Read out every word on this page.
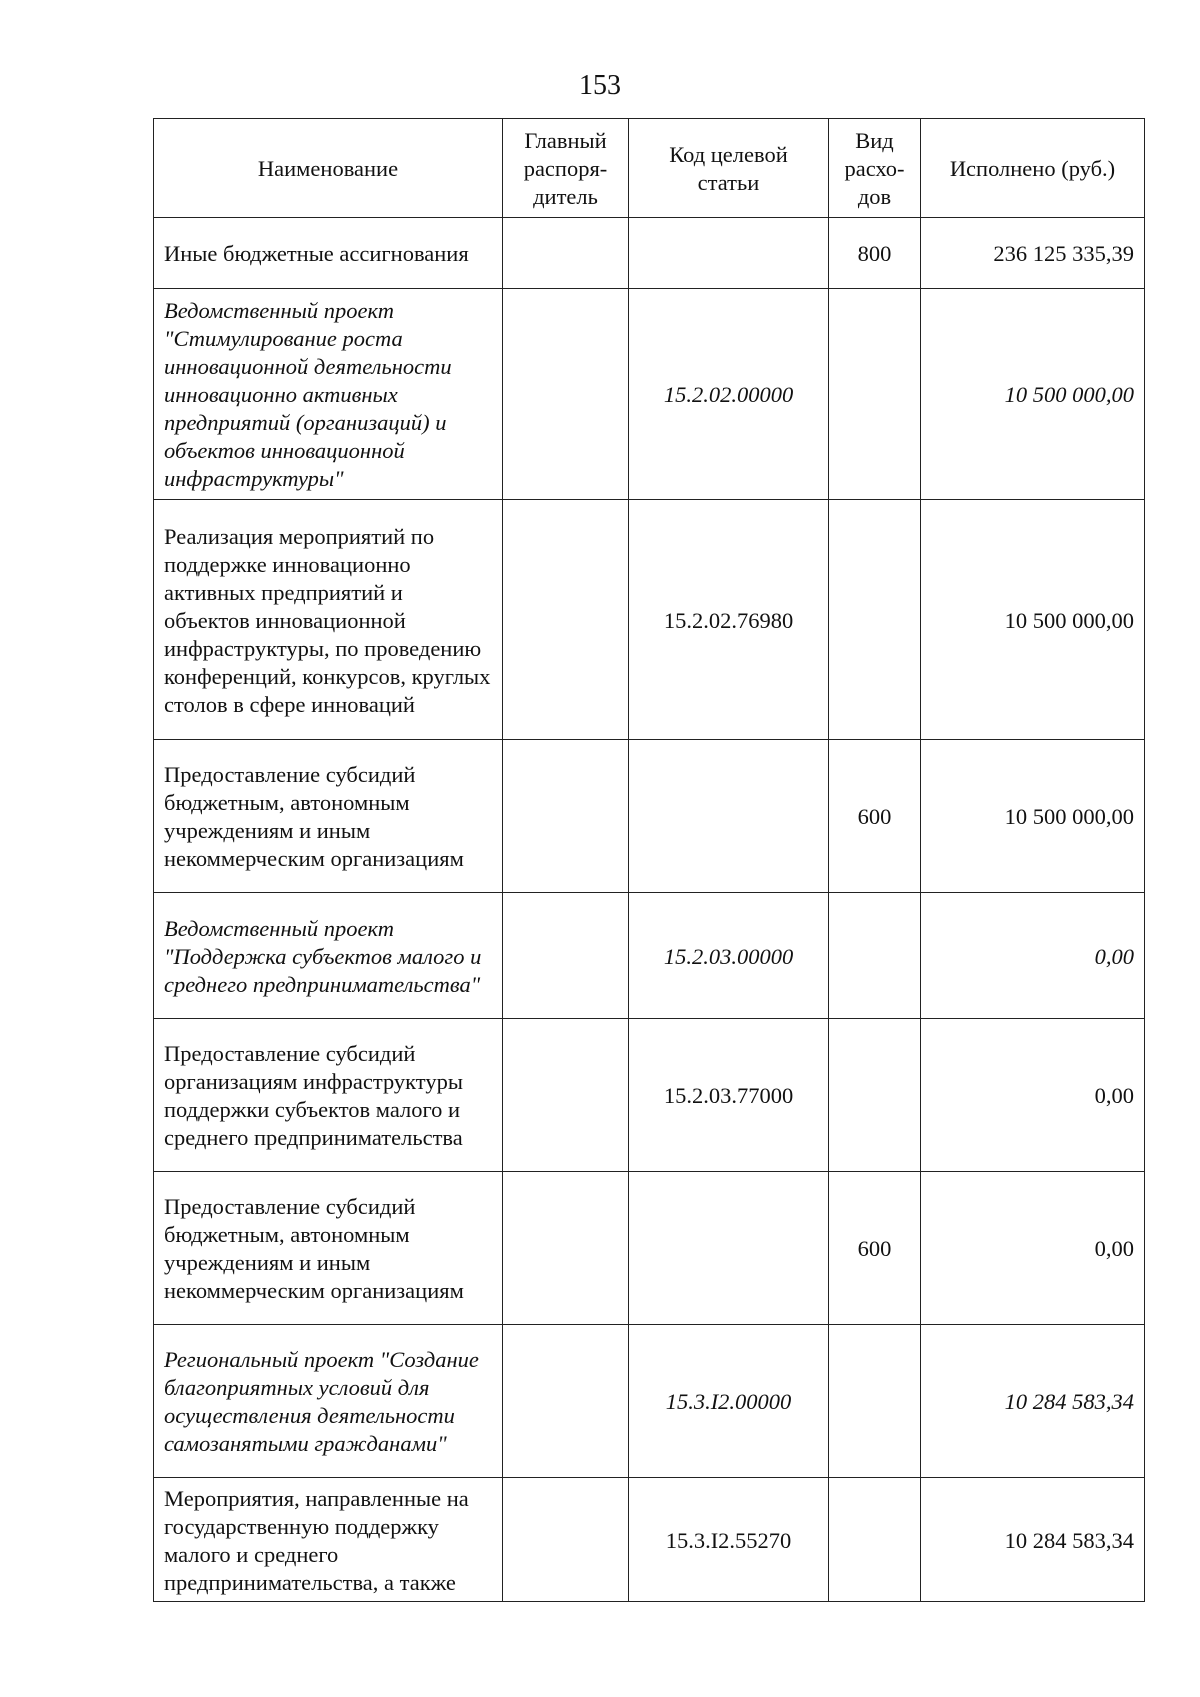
153
Наименование	Главный распоря-дитель	Код целевой статьи	Вид расхо-дов	Исполнено (руб.)
Иные бюджетные ассигнования			800	236 125 335,39
Ведомственный проект "Стимулирование роста инновационной деятельности инновационно активных предприятий (организаций) и объектов инновационной инфраструктуры"		15.2.02.00000		10 500 000,00
Реализация мероприятий по поддержке инновационно активных предприятий и объектов инновационной инфраструктуры, по проведению конференций, конкурсов, круглых столов в сфере инноваций		15.2.02.76980		10 500 000,00
Предоставление субсидий бюджетным, автономным учреждениям и иным некоммерческим организациям			600	10 500 000,00
Ведомственный проект "Поддержка субъектов малого и среднего предпринимательства"		15.2.03.00000		0,00
Предоставление субсидий организациям инфраструктуры поддержки субъектов малого и среднего предпринимательства		15.2.03.77000		0,00
Предоставление субсидий бюджетным, автономным учреждениям и иным некоммерческим организациям			600	0,00
Региональный проект "Создание благоприятных условий для осуществления деятельности самозанятыми гражданами"		15.3.I2.00000		10 284 583,34
Мероприятия, направленные на государственную поддержку малого и среднего предпринимательства, а также		15.3.I2.55270		10 284 583,34
